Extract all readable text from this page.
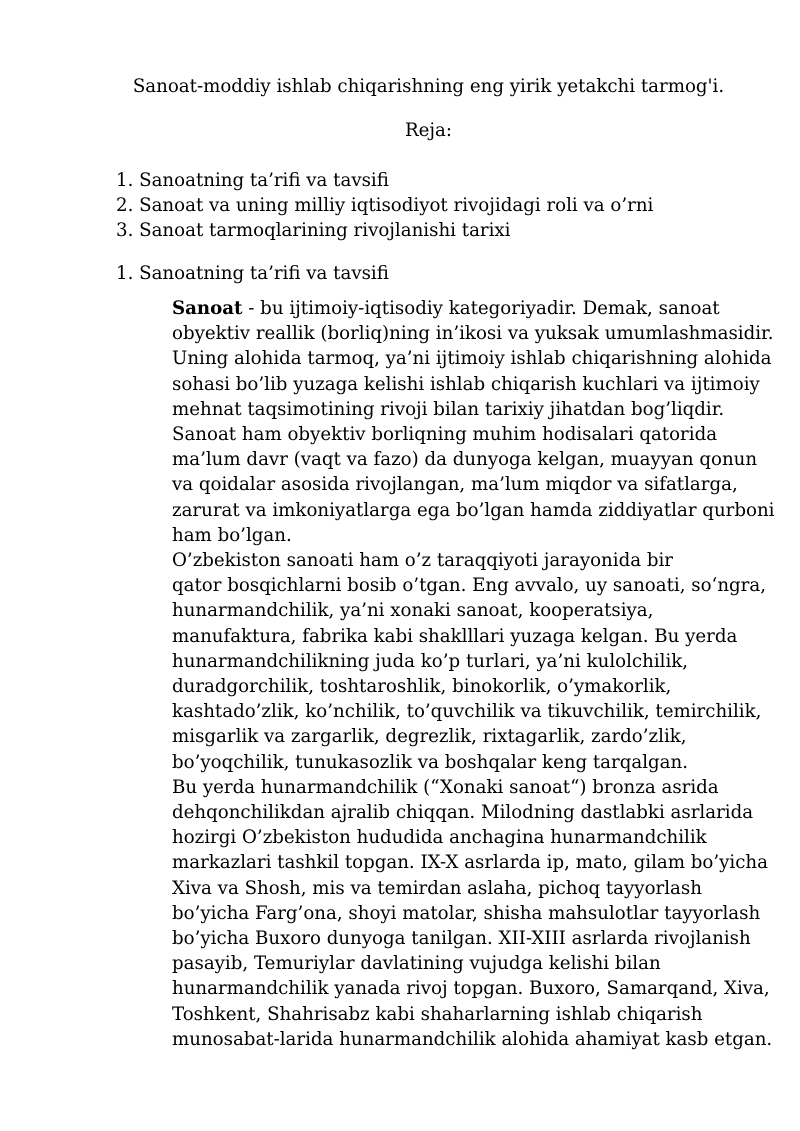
Sanoat-moddiy ishlab chiqarishning eng yirik yetakchi tarmog'i.
Reja:
1. Sanoatning ta’rifi va tavsifi
2. Sanoat va uning milliy iqtisodiyot rivojidagi roli va o’rni
3. Sanoat tarmoqlarining rivojlanishi tarixi
1. Sanoatning ta’rifi va tavsifi

Sanoat - bu ijtimoiy-iqtisodiy kategoriyadir. Demak, sanoat
obyektiv reallik (borliq)ning in’ikosi va yuksak umumlashmasidir.
Uning alohida tarmoq, ya’ni ijtimoiy ishlab chiqarishning alohida
sohasi bo’lib yuzaga kelishi ishlab chiqarish kuchlari va ijtimoiy
mehnat taqsimotining rivoji bilan tarixiy jihatdan bog’liqdir.
Sanoat ham obyektiv borliqning muhim hodisalari qatorida
ma’lum davr (vaqt va fazo) da dunyoga kelgan, muayyan qonun
va qoidalar asosida rivojlangan, ma’lum miqdor va sifatlarga,
zarurat va imkoniyatlarga ega bo’lgan hamda ziddiyatlar qurboni
ham bo’lgan.

O’zbekiston sanoati ham o’z taraqqiyoti jarayonida bir
qator bosqichlarni bosib o’tgan. Eng avvalo, uy sanoati, so‘ngra,
hunarmandchilik, ya’ni xonaki sanoat, kooperatsiya,
manufaktura, fabrika kabi shaklllari yuzaga kelgan. Bu yerda
hunarmandchilikning juda ko’p turlari, ya’ni kulolchilik,
duradgorchilik, toshtaroshlik, binokorlik, o’ymakorlik,
kashtado’zlik, ko’nchilik, to’quvchilik va tikuvchilik, temirchilik,
misgarlik va zargarlik, degrezlik, rixtagarlik, zardo’zlik,
bo’yoqchilik, tunukasozlik va boshqalar keng tarqalgan.

Bu yerda hunarmandchilik (“Xonaki sanoat“) bronza asrida
dehqonchilikdan ajralib chiqqan. Milodning dastlabki asrlarida
hozirgi O’zbekiston hududida anchagina hunarmandchilik
markazlari tashkil topgan. IX-X asrlarda ip, mato, gilam bo’yicha
Xiva va Shosh, mis va temirdan aslaha, pichoq tayyorlash
bo’yicha Farg’ona, shoyi matolar, shisha mahsulotlar tayyorlash
bo’yicha Buxoro dunyoga tanilgan. XII-XIII asrlarda rivojlanish
pasayib, Temuriylar davlatining vujudga kelishi bilan
hunarmandchilik yanada rivoj topgan. Buxoro, Samarqand, Xiva,
Toshkent, Shahrisabz kabi shaharlarning ishlab chiqarish
munosabat-larida hunarmandchilik alohida ahamiyat kasb etgan.
